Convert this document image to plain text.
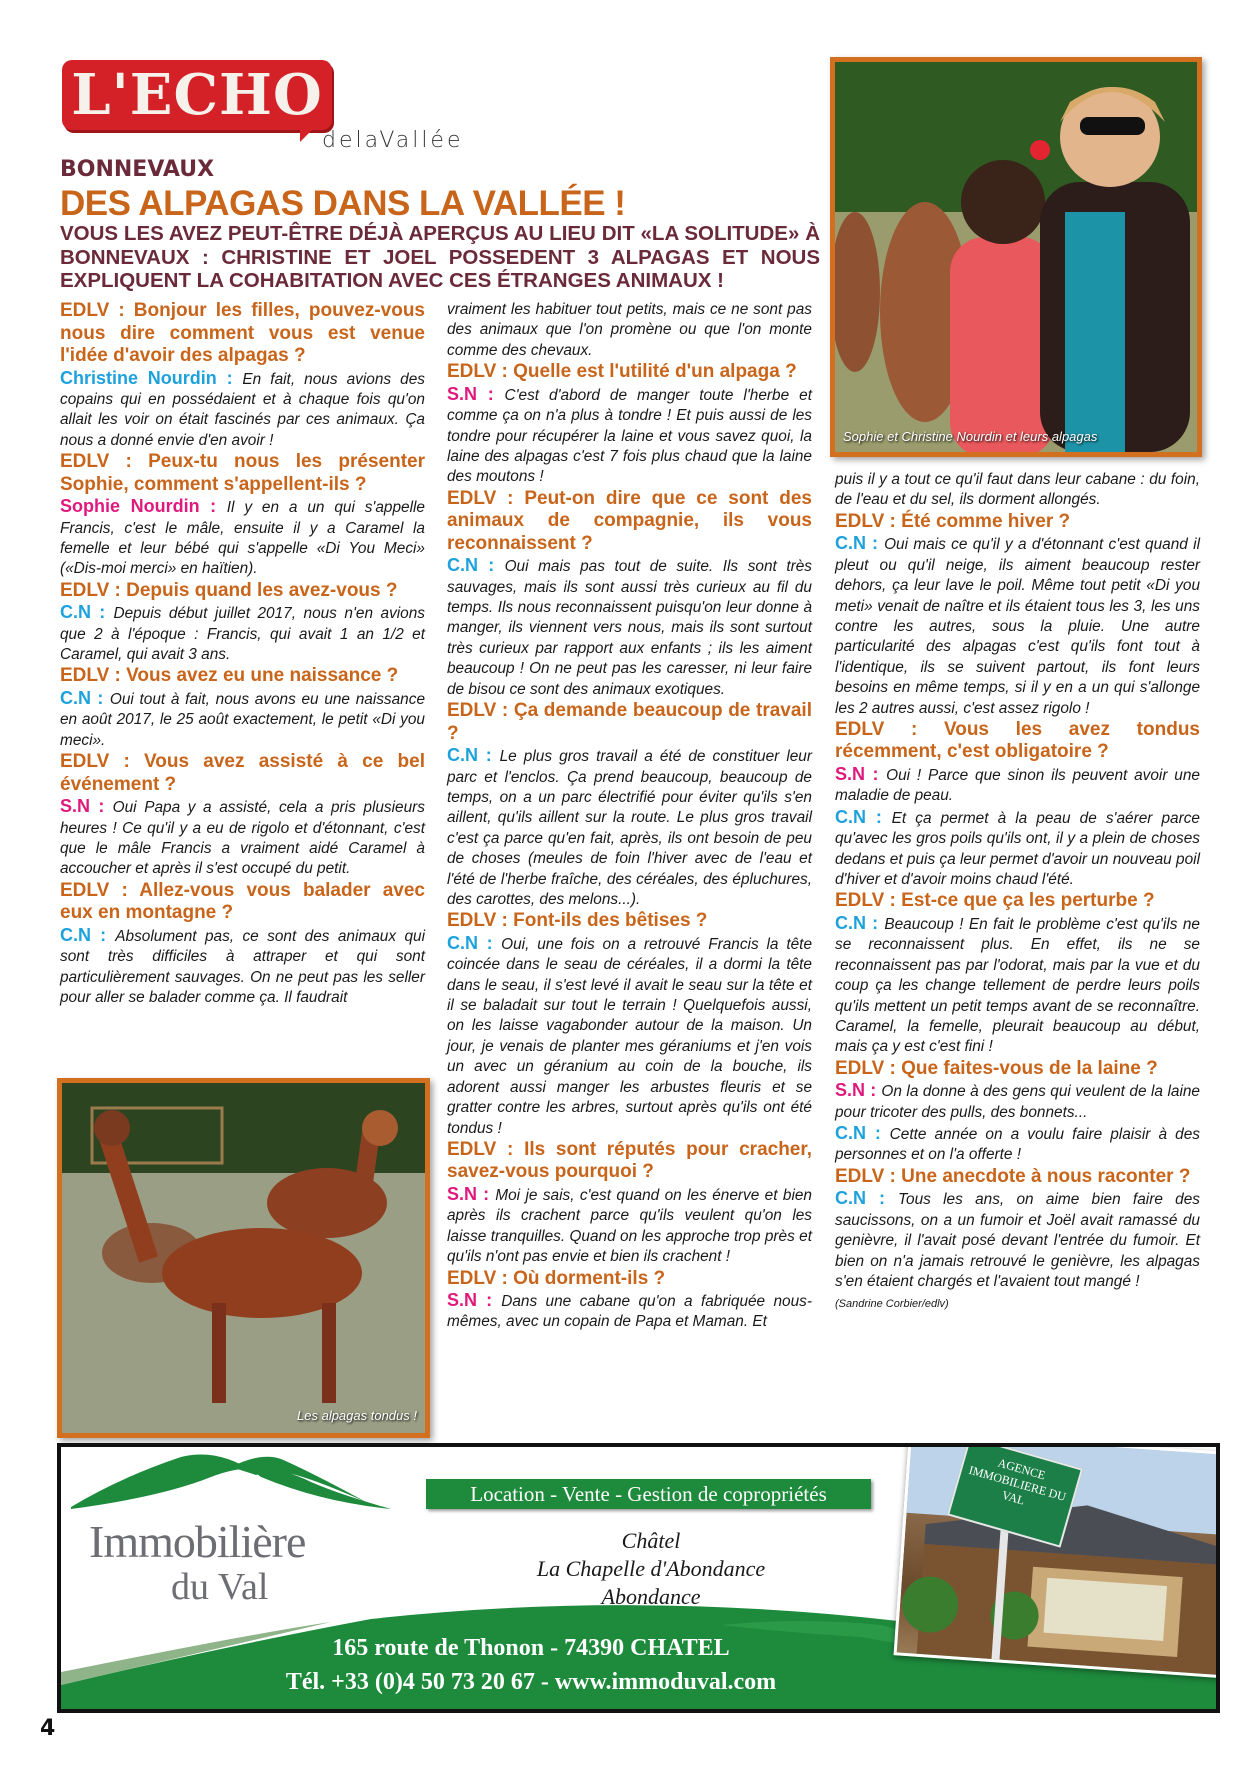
L'ECHO
delaVallée
BONNEVAUX
DES ALPAGAS DANS LA VALLÉE !
VOUS LES AVEZ PEUT-ÊTRE DÉJÀ APERÇUS AU LIEU DIT «LA SOLITUDE» À BONNEVAUX : CHRISTINE ET JOEL POSSEDENT 3 ALPAGAS ET NOUS EXPLIQUENT LA COHABITATION AVEC CES ÉTRANGES ANIMAUX !

EDLV : Bonjour les filles, pouvez-vous nous dire comment vous est venue l'idée d'avoir des alpagas ?

Christine Nourdin : En fait, nous avions des copains qui en possédaient et à chaque fois qu'on allait les voir on était fascinés par ces animaux. Ça nous a donné envie d'en avoir !

EDLV : Peux-tu nous les présenter Sophie, comment s'appellent-ils ?

Sophie Nourdin : Il y en a un qui s'appelle Francis, c'est le mâle, ensuite il y a Caramel la femelle et leur bébé qui s'appelle «Di You Meci» («Dis-moi merci» en haïtien).

EDLV : Depuis quand les avez-vous ?

C.N : Depuis début juillet 2017, nous n'en avions que 2 à l'époque : Francis, qui avait 1 an 1/2 et Caramel, qui avait 3 ans.

EDLV : Vous avez eu une naissance ?

C.N : Oui tout à fait, nous avons eu une naissance en août 2017, le 25 août exactement, le petit «Di you meci».

EDLV : Vous avez assisté à ce bel événement ?

S.N : Oui Papa y a assisté, cela a pris plusieurs heures ! Ce qu'il y a eu de rigolo et d'étonnant, c'est que le mâle Francis a vraiment aidé Caramel à accoucher et après il s'est occupé du petit.

EDLV : Allez-vous vous balader avec eux en montagne ?

C.N : Absolument pas, ce sont des animaux qui sont très difficiles à attraper et qui sont particulièrement sauvages. On ne peut pas les seller pour aller se balader comme ça. Il faudrait

vraiment les habituer tout petits, mais ce ne sont pas des animaux que l'on promène ou que l'on monte comme des chevaux.

EDLV : Quelle est l'utilité d'un alpaga ?

S.N : C'est d'abord de manger toute l'herbe et comme ça on n'a plus à tondre ! Et puis aussi de les tondre pour récupérer la laine et vous savez quoi, la laine des alpagas c'est 7 fois plus chaud que la laine des moutons !

EDLV : Peut-on dire que ce sont des animaux de compagnie, ils vous reconnaissent ?

C.N : Oui mais pas tout de suite. Ils sont très sauvages, mais ils sont aussi très curieux au fil du temps. Ils nous reconnaissent puisqu'on leur donne à manger, ils viennent vers nous, mais ils sont surtout très curieux par rapport aux enfants ; ils les aiment beaucoup ! On ne peut pas les caresser, ni leur faire de bisou ce sont des animaux exotiques.

EDLV : Ça demande beaucoup de travail ?

C.N : Le plus gros travail a été de constituer leur parc et l'enclos. Ça prend beaucoup, beaucoup de temps, on a un parc électrifié pour éviter qu'ils s'en aillent, qu'ils aillent sur la route. Le plus gros travail c'est ça parce qu'en fait, après, ils ont besoin de peu de choses (meules de foin l'hiver avec de l'eau et l'été de l'herbe fraîche, des céréales, des épluchures, des carottes, des melons...).

EDLV : Font-ils des bêtises ?

C.N : Oui, une fois on a retrouvé Francis la tête coincée dans le seau de céréales, il a dormi la tête dans le seau, il s'est levé il avait le seau sur la tête et il se baladait sur tout le terrain ! Quelquefois aussi, on les laisse vagabonder autour de la maison. Un jour, je venais de planter mes géraniums et j'en vois un avec un géranium au coin de la bouche, ils adorent aussi manger les arbustes fleuris et se gratter contre les arbres, surtout après qu'ils ont été tondus !

EDLV : Ils sont réputés pour cracher, savez-vous pourquoi ?

S.N : Moi je sais, c'est quand on les énerve et bien après ils crachent parce qu'ils veulent qu'on les laisse tranquilles. Quand on les approche trop près et qu'ils n'ont pas envie et bien ils crachent !

EDLV : Où dorment-ils ?

S.N : Dans une cabane qu'on a fabriquée nous-mêmes, avec un copain de Papa et Maman. Et

puis il y a tout ce qu'il faut dans leur cabane : du foin, de l'eau et du sel, ils dorment allongés.

EDLV : Été comme hiver ?

C.N : Oui mais ce qu'il y a d'étonnant c'est quand il pleut ou qu'il neige, ils aiment beaucoup rester dehors, ça leur lave le poil. Même tout petit «Di you meti» venait de naître et ils étaient tous les 3, les uns contre les autres, sous la pluie. Une autre particularité des alpagas c'est qu'ils font tout à l'identique, ils se suivent partout, ils font leurs besoins en même temps, si il y en a un qui s'allonge les 2 autres aussi, c'est assez rigolo !

EDLV : Vous les avez tondus récemment, c'est obligatoire ?

S.N : Oui ! Parce que sinon ils peuvent avoir une maladie de peau.

C.N : Et ça permet à la peau de s'aérer parce qu'avec les gros poils qu'ils ont, il y a plein de choses dedans et puis ça leur permet d'avoir un nouveau poil d'hiver et d'avoir moins chaud l'été.

EDLV : Est-ce que ça les perturbe ?

C.N : Beaucoup ! En fait le problème c'est qu'ils ne se reconnaissent plus. En effet, ils ne se reconnaissent pas par l'odorat, mais par la vue et du coup ça les change tellement de perdre leurs poils qu'ils mettent un petit temps avant de se reconnaître. Caramel, la femelle, pleurait beaucoup au début, mais ça y est c'est fini !

EDLV : Que faites-vous de la laine ?

S.N : On la donne à des gens qui veulent de la laine pour tricoter des pulls, des bonnets...

C.N : Cette année on a voulu faire plaisir à des personnes et on l'a offerte !

EDLV : Une anecdote à nous raconter ?

C.N : Tous les ans, on aime bien faire des saucissons, on a un fumoir et Joël avait ramassé du genièvre, il l'avait posé devant l'entrée du fumoir. Et bien on n'a jamais retrouvé le genièvre, les alpagas s'en étaient chargés et l'avaient tout mangé !

(Sandrine Corbier/edlv)

Sophie et Christine Nourdin et leurs alpagas
Les alpagas tondus !
Immobilière
du Val
Location - Vente - Gestion de copropriétés
Châtel
La Chapelle d'Abondance
Abondance
AGENCE IMMOBILIERE DU VAL
165 route de Thonon - 74390 CHATEL
Tél. +33 (0)4 50 73 20 67 - www.immoduval.com
4
